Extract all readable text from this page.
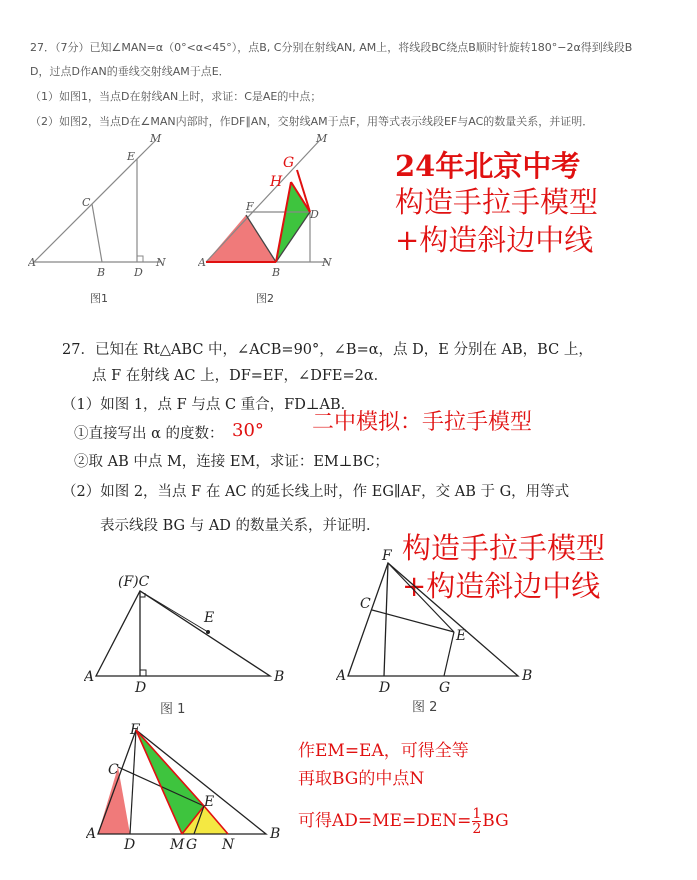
27．（7分）已知∠MAN=α（0°<α<45°），点B, C分别在射线AN, AM上，将线段BC绕点B顺时针旋转180°−2α得到线段B
D，过点D作AN的垂线交射线AM于点E．
（1）如图1，当点D在射线AN上时，求证：C是AE的中点；
（2）如图2，当点D在∠MAN内部时，作DF∥AN，交射线AM于点F，用等式表示线段EF与AC的数量关系，并证明．
M
E
C
A
B	D
N
图1
M
G
H
F
D
A
B
N
图2
24年北京中考
构造手拉手模型
+构造斜边中线
27．已知在 Rt△ABC 中，∠ACB=90°，∠B=α，点 D，E 分别在 AB，BC 上，
点 F 在射线 AC 上，DF=EF，∠DFE=2α．
（1）如图 1，点 F 与点 C 重合，FD⊥AB．
①直接写出 α 的度数： 30°
②取 AB 中点 M，连接 EM，求证：EM⊥BC；
（2）如图 2，当点 F 在 AC 的延长线上时，作 EG∥AF，交 AB 于 G，用等式
表示线段 BG 与 AD 的数量关系，并证明．
二中模拟：手拉手模型
构造手拉手模型
+构造斜边中线
(F)C
E
A
D
B
图 1
F
C
E
A
D	G
B
图 2
F
C
E
A
D M G N
B
作EM=EA，可得全等
再取BG的中点N
可得$AD=ME=DEN= \frac{1}{2}$ BG
